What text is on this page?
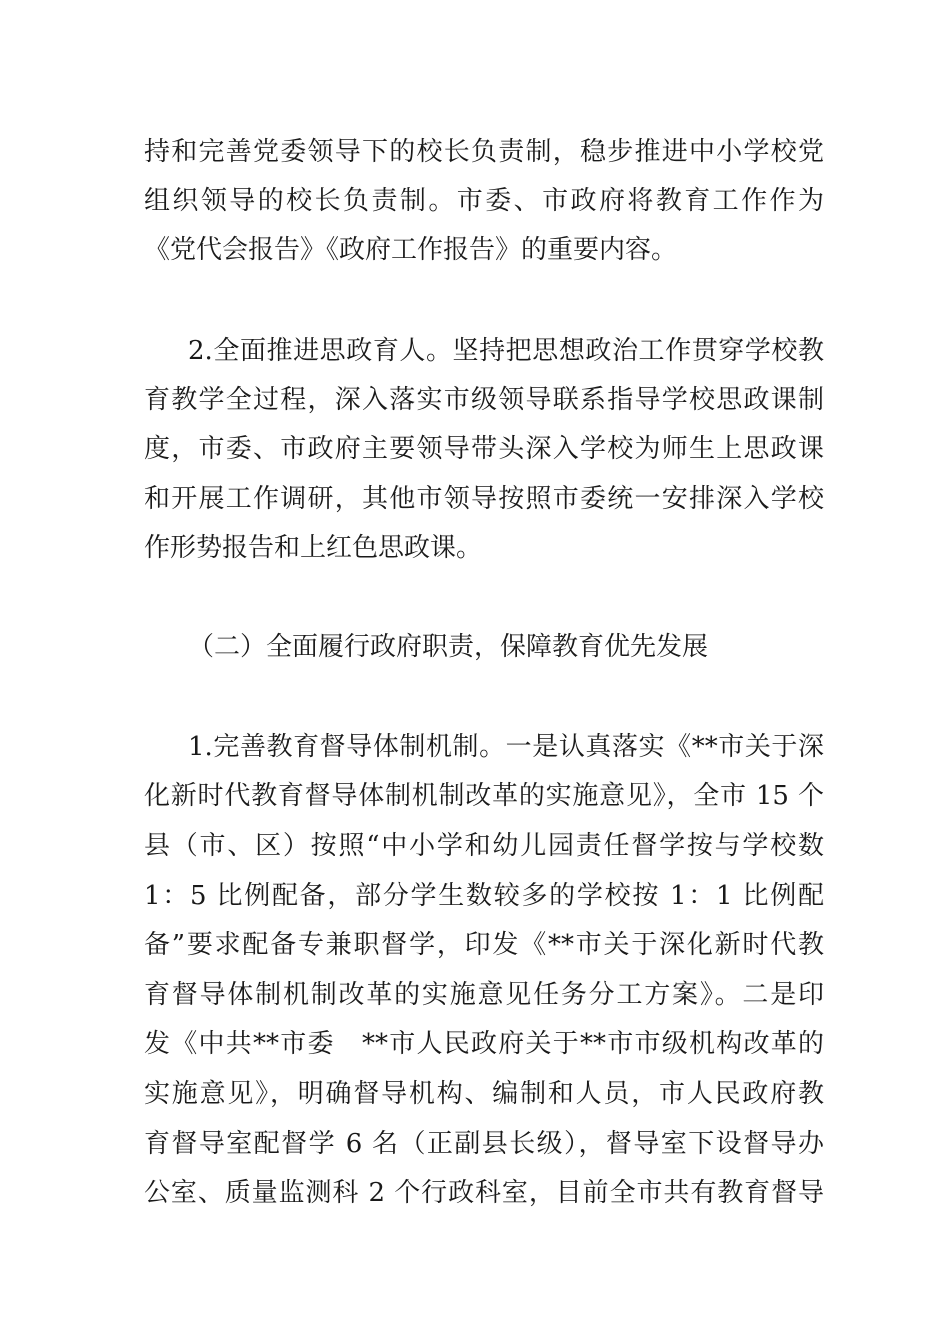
持和完善党委领导下的校长负责制，稳步推进中小学校党
组织领导的校长负责制。市委、市政府将教育工作作为
《党代会报告》《政府工作报告》的重要内容。
2.全面推进思政育人。坚持把思想政治工作贯穿学校教
育教学全过程，深入落实市级领导联系指导学校思政课制
度，市委、市政府主要领导带头深入学校为师生上思政课
和开展工作调研，其他市领导按照市委统一安排深入学校
作形势报告和上红色思政课。
（二）全面履行政府职责，保障教育优先发展
1.完善教育督导体制机制。一是认真落实《**市关于深
化新时代教育督导体制机制改革的实施意见》，全市 15 个
县（市、区）按照“中小学和幼儿园责任督学按与学校数
1：5 比例配备，部分学生数较多的学校按 1：1 比例配
备”要求配备专兼职督学，印发《**市关于深化新时代教
育督导体制机制改革的实施意见任务分工方案》。二是印
发《中共**市委　**市人民政府关于**市市级机构改革的
实施意见》，明确督导机构、编制和人员，市人民政府教
育督导室配督学 6 名（正副县长级），督导室下设督导办
公室、质量监测科 2 个行政科室，目前全市共有教育督导
